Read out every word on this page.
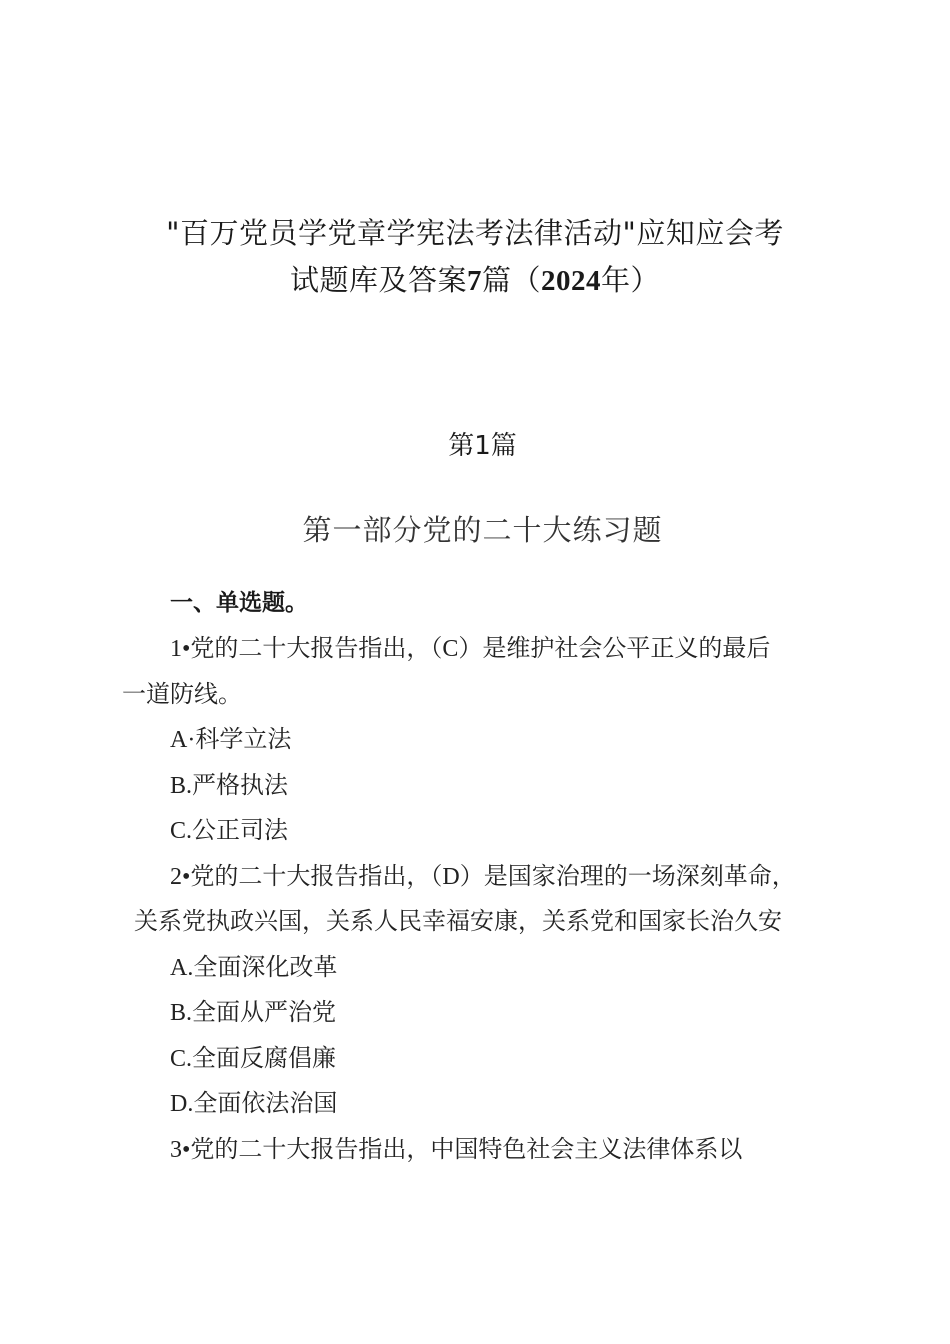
"百万党员学党章学宪法考法律活动"应知应会考
试题库及答案7篇（2024年）
第1篇
第一部分党的二十大练习题
一、单选题。
1•党的二十大报告指出，（C）是维护社会公平正义的最后
一道防线。
A·科学立法
B.严格执法
C.公正司法
2•党的二十大报告指出，（D）是国家治理的一场深刻革命，
关系党执政兴国，关系人民幸福安康，关系党和国家长治久安
A.全面深化改革
B.全面从严治党
C.全面反腐倡廉
D.全面依法治国
3•党的二十大报告指出，中国特色社会主义法律体系以
